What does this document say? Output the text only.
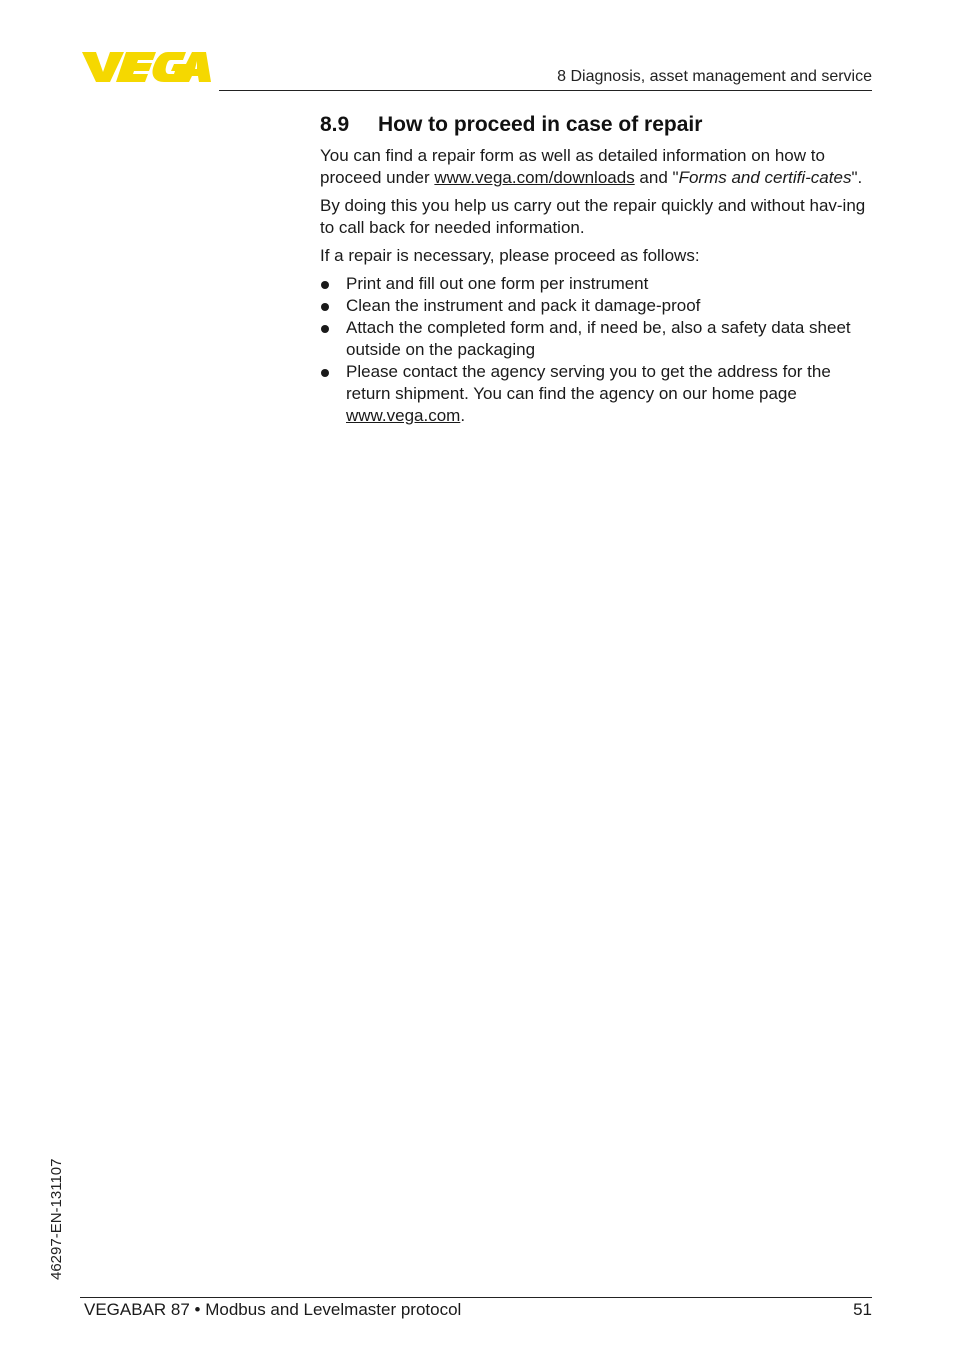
8 Diagnosis, asset management and service
8.9 How to proceed in case of repair

You can find a repair form as well as detailed information on how to proceed under www.vega.com/downloads and "Forms and certifi-cates".

By doing this you help us carry out the repair quickly and without hav-ing to call back for needed information.

If a repair is necessary, please proceed as follows:

Print and fill out one form per instrument
Clean the instrument and pack it damage-proof
Attach the completed form and, if need be, also a safety data sheet outside on the packaging
Please contact the agency serving you to get the address for the return shipment. You can find the agency on our home page www.vega.com.
46297-EN-131107
VEGABAR 87 • Modbus and Levelmaster protocol	51
